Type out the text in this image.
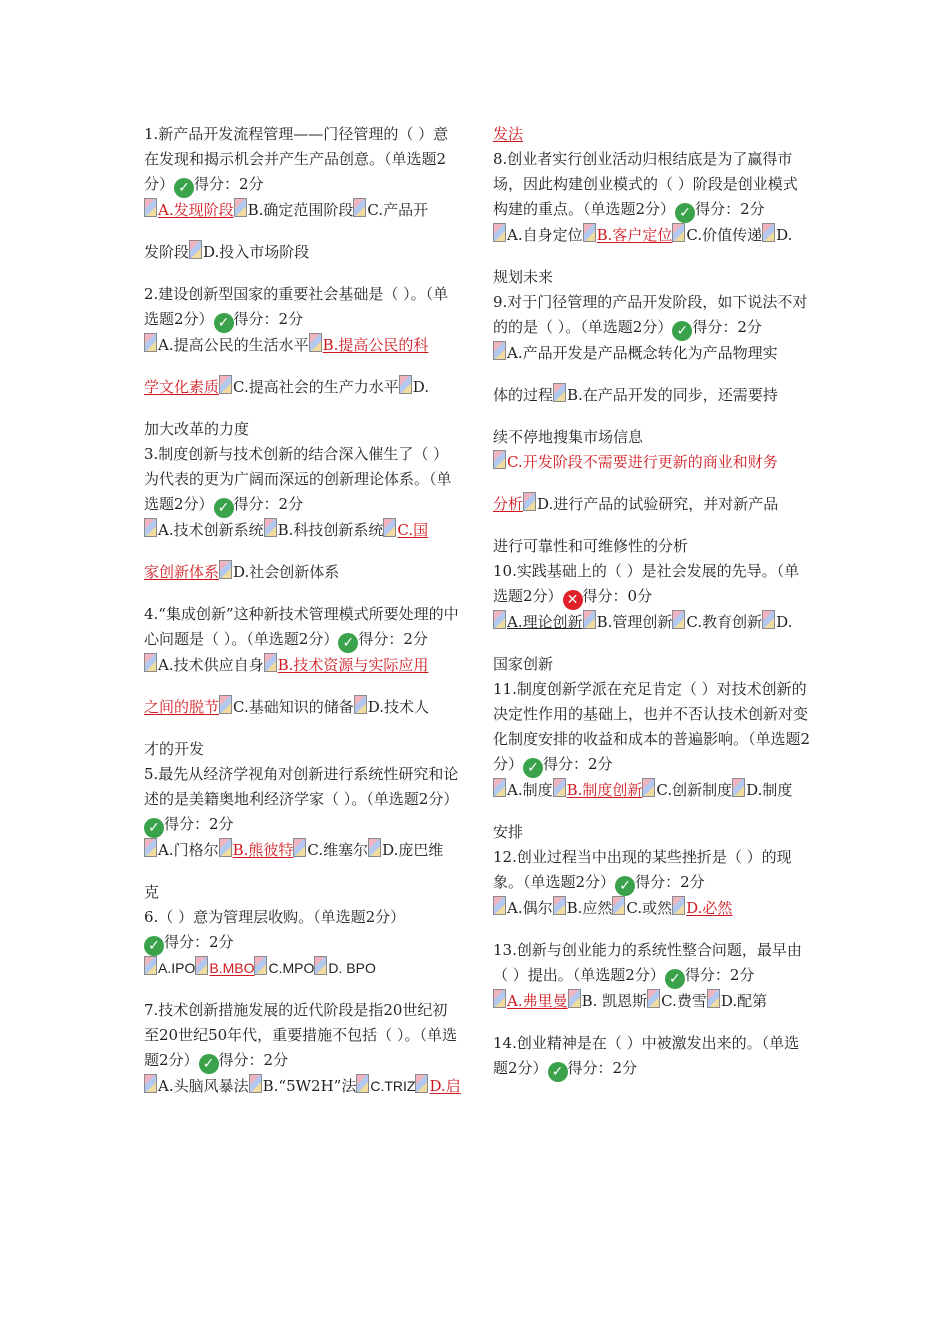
1.新产品开发流程管理——门径管理的（ ）意在发现和揭示机会并产生产品创意。（单选题2分） ✓ 得分：2分
A.发现阶段 B.确定范围阶段 C.产品开

发阶段 D.投入市场阶段

2.建设创新型国家的重要社会基础是（ ）。（单选题2分） ✓ 得分：2分
A.提高公民的生活水平 B.提高公民的科

学文化素质 C.提高社会的生产力水平 D.

加大改革的力度

3.制度创新与技术创新的结合深入催生了（ ）为代表的更为广阔而深远的创新理论体系。（单选题2分） ✓ 得分：2分
A.技术创新系统 B.科技创新系统 C.国

家创新体系 D.社会创新体系

4.“集成创新”这种新技术管理模式所要处理的中心问题是（ ）。（单选题2分） ✓ 得分：2分
A.技术供应自身 B.技术资源与实际应用

之间的脱节 C.基础知识的储备 D.技术人

才的开发

5.最先从经济学视角对创新进行系统性研究和论述的是美籍奥地利经济学家（ ）。（单选题2分）✓ 得分：2分
A.门格尔 B.熊彼特 C.维塞尔 D.庞巴维

克

6.（ ）意为管理层收购。（单选题2分）
✓ 得分：2分
A.IPO B.MBO C.MPO D. BPO

7.技术创新措施发展的近代阶段是指20世纪初至20世纪50年代，重要措施不包括（ ）。（单选题2分） ✓ 得分：2分
A.头脑风暴法 B.“5W2H”法 C.TRIZ D.启

发法

8.创业者实行创业活动归根结底是为了赢得市场，因此构建创业模式的（ ）阶段是创业模式构建的重点。（单选题2分） ✓ 得分：2分
A.自身定位 B.客户定位 C.价值传递 D.

规划未来

9.对于门径管理的产品开发阶段，如下说法不对的的是（ ）。（单选题2分） ✓ 得分：2分
A.产品开发是产品概念转化为产品物理实

体的过程 B.在产品开发的同步，还需要持

续不停地搜集市场信息
C.开发阶段不需要进行更新的商业和财务

分析 D.进行产品的试验研究，并对新产品

进行可靠性和可维修性的分析

10.实践基础上的（ ）是社会发展的先导。（单选题2分） ✕ 得分：0分
A.理论创新 B.管理创新 C.教育创新 D.

国家创新

11.制度创新学派在充足肯定（ ）对技术创新的决定性作用的基础上，也并不否认技术创新对变化制度安排的收益和成本的普遍影响。（单选题2分） ✓ 得分：2分
A.制度 B.制度创新 C.创新制度 D.制度

安排

12.创业过程当中出现的某些挫折是（ ）的现象。（单选题2分） ✓ 得分：2分
A.偶尔 B.应然 C.或然 D.必然

13.创新与创业能力的系统性整合问题，最早由（ ）提出。（单选题2分） ✓ 得分：2分
A.弗里曼 B. 凯恩斯 C.费雪 D.配第

14.创业精神是在（ ）中被激发出来的。（单选题2分） ✓ 得分：2分
